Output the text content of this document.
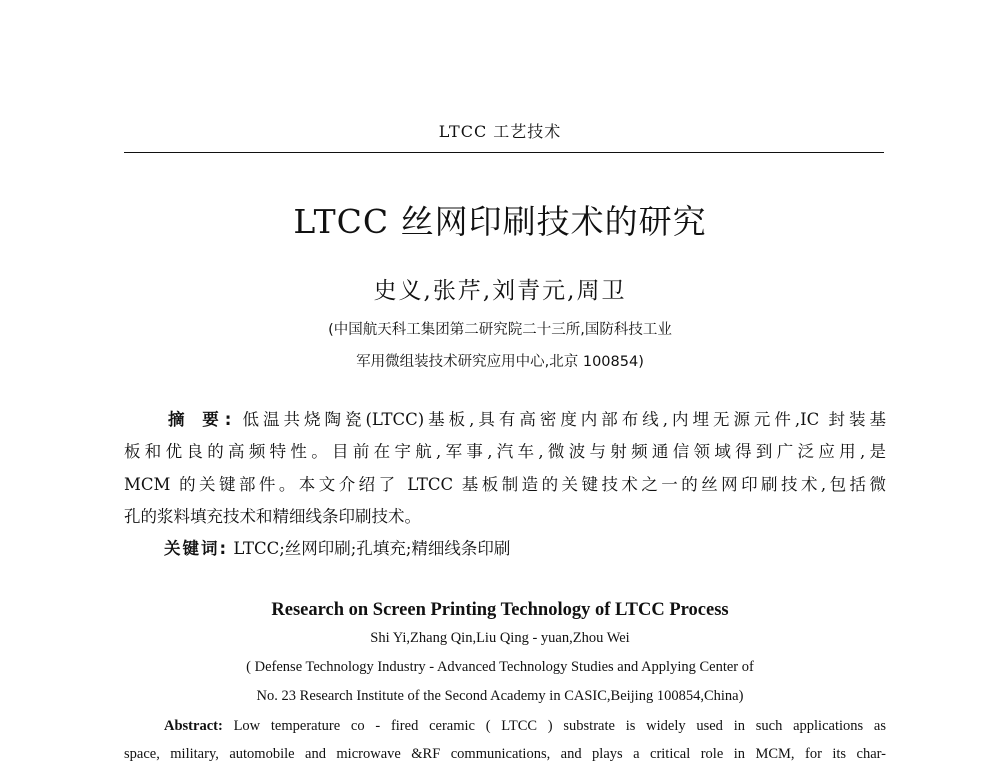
LTCC 工艺技术
LTCC 丝网印刷技术的研究
史义,张芹,刘青元,周卫
(中国航天科工集团第二研究院二十三所,国防科技工业
军用微组装技术研究应用中心,北京 100854)
摘 要: 低温共烧陶瓷(LTCC)基板,具有高密度内部布线,内埋无源元件,IC 封装基
板和优良的高频特性。目前在宇航,军事,汽车,微波与射频通信领域得到广泛应用,是
MCM 的关键部件。本文介绍了 LTCC 基板制造的关键技术之一的丝网印刷技术,包括微
孔的浆料填充技术和精细线条印刷技术。
关键词: LTCC;丝网印刷;孔填充;精细线条印刷
Research on Screen Printing Technology of LTCC Process
Shi Yi,Zhang Qin,Liu Qing - yuan,Zhou Wei
( Defense Technology Industry - Advanced Technology Studies and Applying Center of
No. 23 Research Institute of the Second Academy in CASIC,Beijing 100854,China)
Abstract: Low temperature co - fired ceramic ( LTCC ) substrate is widely used in such applications as
space, military, automobile and microwave &RF communications, and plays a critical role in MCM, for its char-
